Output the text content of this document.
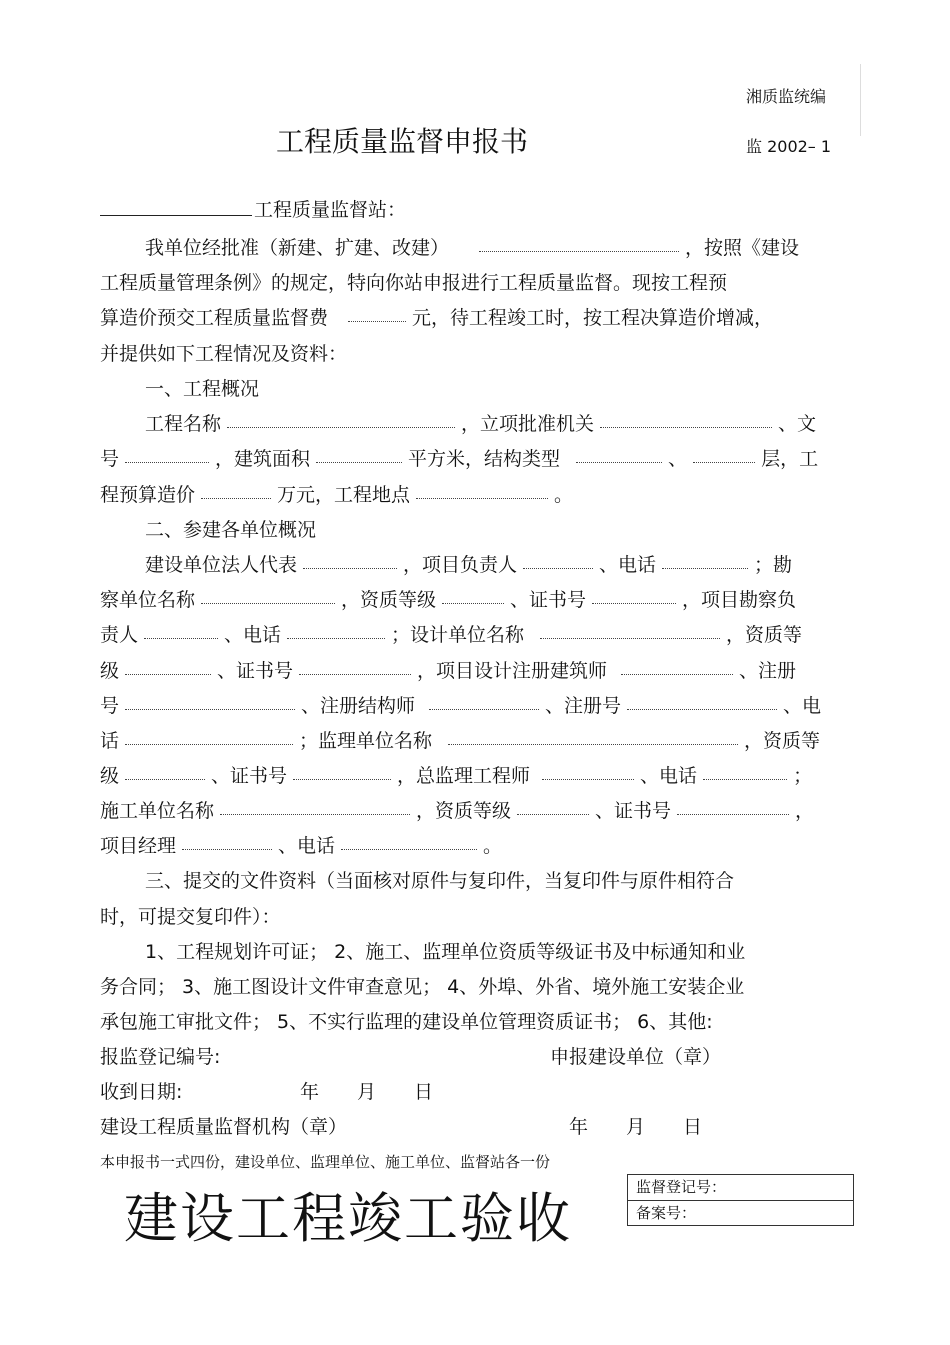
湘质监统编
工程质量监督申报书	监 2002– 1
工程质量监督站：
我单位经批准（新建、扩建、改建）	，按照《建设
工程质量管理条例》的规定，特向你站申报进行工程质量监督。现按工程预
算造价预交工程质量监督费	元，待工程竣工时，按工程决算造价增减，
并提供如下工程情况及资料：
一、工程概况
工程名称	，立项批准机关	、文
号	，建筑面积	平方米，结构类型	、	层，工
程预算造价	万元，工程地点	。
二、参建各单位概况
建设单位法人代表	，项目负责人	、电话	；勘
察单位名称	，资质等级	、证书号	，项目勘察负
责人	、电话	；设计单位名称	，资质等
级	、证书号	，项目设计注册建筑师	、注册
号	、注册结构师	、注册号	、电
话	；监理单位名称	，资质等
级	、证书号	，总监理工程师	、电话	；
施工单位名称	，资质等级	、证书号	，
项目经理	、电话	。
三、提交的文件资料（当面核对原件与复印件，当复印件与原件相符合
时，可提交复印件）：
1、工程规划许可证； 2、施工、监理单位资质等级证书及中标通知和业
务合同； 3、施工图设计文件审查意见； 4、外埠、外省、境外施工安装企业
承包施工审批文件； 5、不实行监理的建设单位管理资质证书； 6、其他:
报监登记编号:	申报建设单位（章）
收到日期:	年 月 日
建设工程质量监督机构（章）	年 月 日
本申报书一式四份，建设单位、监理单位、施工单位、监督站各一份
建设工程竣工验收	监督登记号：
备案号：
